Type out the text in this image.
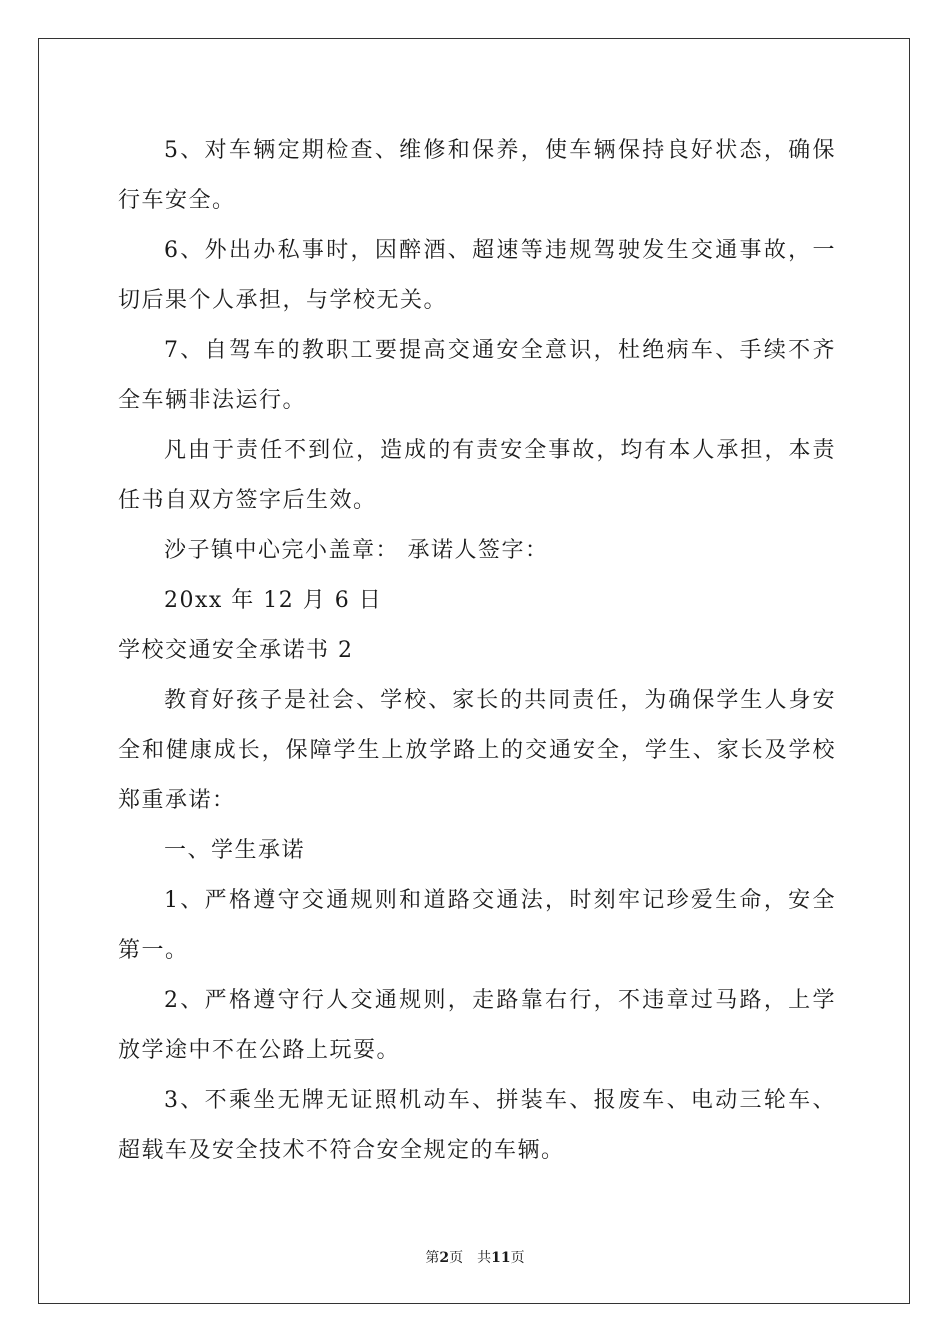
5、对车辆定期检查、维修和保养，使车辆保持良好状态，确保行车安全。

6、外出办私事时，因醉酒、超速等违规驾驶发生交通事故，一切后果个人承担，与学校无关。

7、自驾车的教职工要提高交通安全意识，杜绝病车、手续不齐全车辆非法运行。

凡由于责任不到位，造成的有责安全事故，均有本人承担，本责任书自双方签字后生效。

沙子镇中心完小盖章： 承诺人签字：

20xx 年 12 月 6 日

学校交通安全承诺书 2

教育好孩子是社会、学校、家长的共同责任，为确保学生人身安全和健康成长，保障学生上放学路上的交通安全，学生、家长及学校郑重承诺：

一、学生承诺

1、严格遵守交通规则和道路交通法，时刻牢记珍爱生命，安全第一。

2、严格遵守行人交通规则，走路靠右行，不违章过马路，上学放学途中不在公路上玩耍。

3、不乘坐无牌无证照机动车、拼装车、报废车、电动三轮车、超载车及安全技术不符合安全规定的车辆。

第2页 共11页
